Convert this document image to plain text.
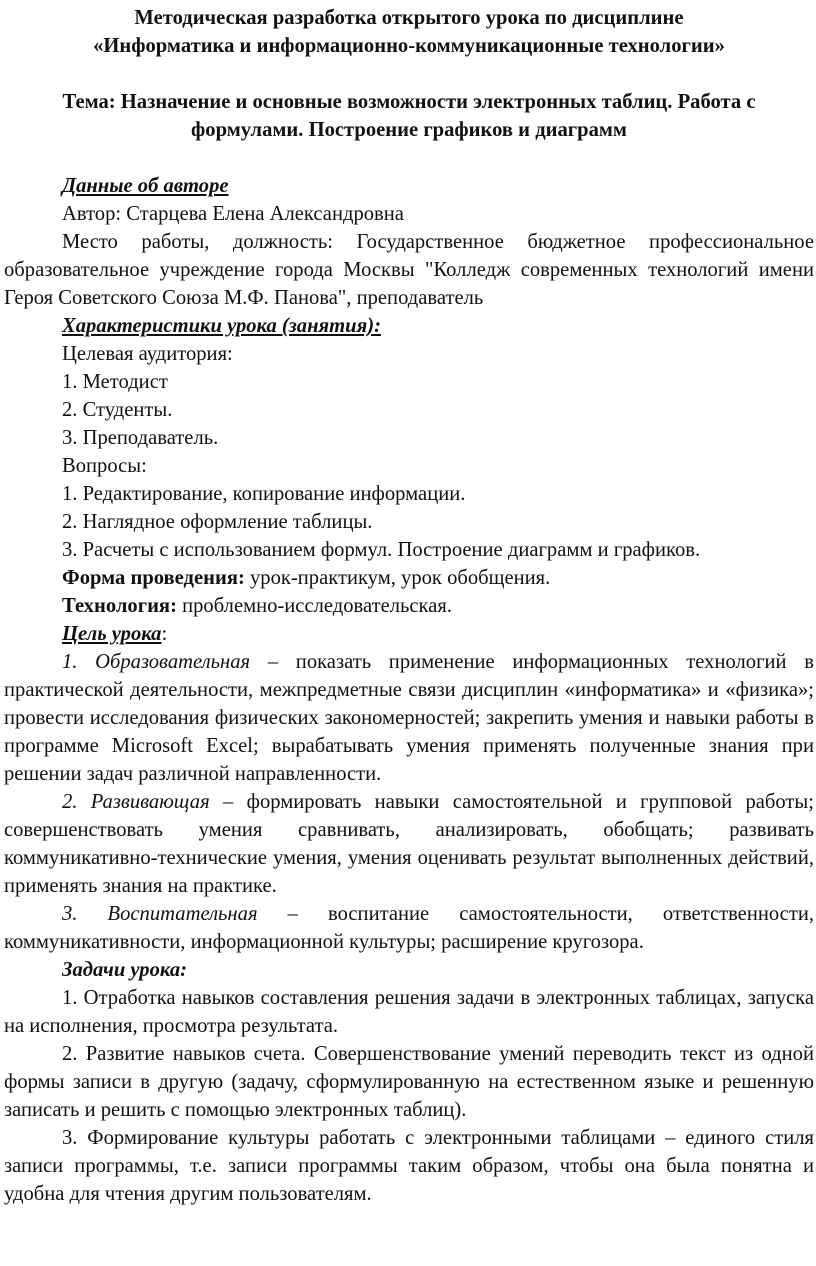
Методическая разработка открытого урока по дисциплине

«Информатика и информационно-коммуникационные технологии»

Тема: Назначение и основные возможности электронных таблиц. Работа с формулами. Построение графиков и диаграмм

Данные об авторе

Автор: Старцева Елена Александровна

Место работы, должность: Государственное бюджетное профессиональное образовательное учреждение города Москвы "Колледж современных технологий имени Героя Советского Союза М.Ф. Панова", преподаватель

Характеристики урока (занятия):

Целевая аудитория:

1. Методист

2. Студенты.

3. Преподаватель.

Вопросы:

1. Редактирование, копирование информации.

2. Наглядное оформление таблицы.

3. Расчеты с использованием формул. Построение диаграмм и графиков.

Форма проведения: урок-практикум, урок обобщения.

Технология: проблемно-исследовательская.

Цель урока:

1. Образовательная – показать применение информационных технологий в практической деятельности, межпредметные связи дисциплин «информатика» и «физика»; провести исследования физических закономерностей; закрепить умения и навыки работы в программе Microsoft Excel; вырабатывать умения применять полученные знания при решении задач различной направленности.

2. Развивающая – формировать навыки самостоятельной и групповой работы; совершенствовать умения сравнивать, анализировать, обобщать; развивать коммуникативно-технические умения, умения оценивать результат выполненных действий, применять знания на практике.

3. Воспитательная – воспитание самостоятельности, ответственности, коммуникативности, информационной культуры; расширение кругозора.

Задачи урока:

1. Отработка навыков составления решения задачи в электронных таблицах, запуска на исполнения, просмотра результата.

2. Развитие навыков счета. Совершенствование умений переводить текст из одной формы записи в другую (задачу, сформулированную на естественном языке и решенную записать и решить с помощью электронных таблиц).

3. Формирование культуры работать с электронными таблицами – единого стиля записи программы, т.е. записи программы таким образом, чтобы она была понятна и удобна для чтения другим пользователям.
